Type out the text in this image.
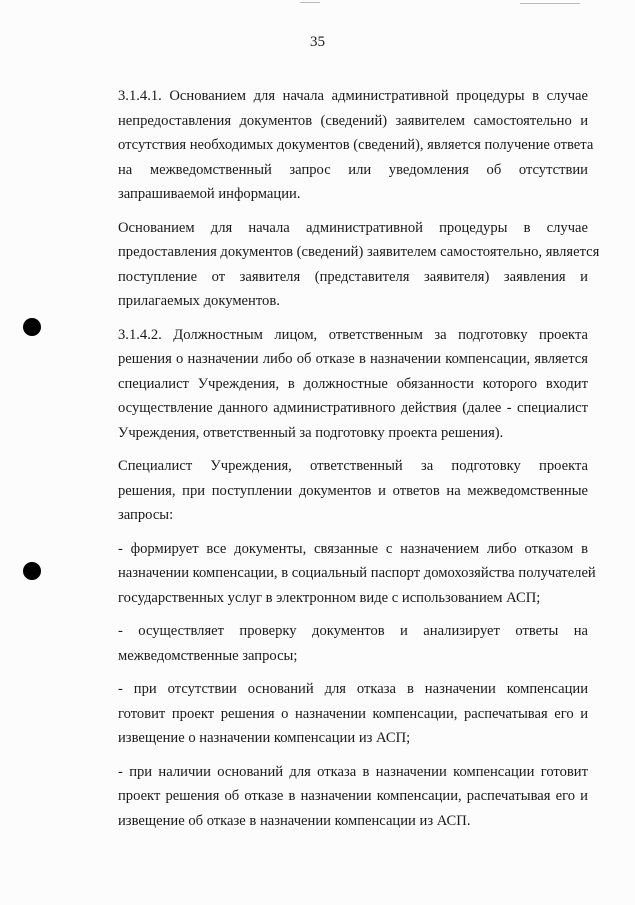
35
3.1.4.1. Основанием для начала административной процедуры в случае
непредоставления документов (сведений) заявителем самостоятельно и
отсутствия необходимых документов (сведений), является получение ответа
на межведомственный запрос или уведомления об отсутствии
запрашиваемой информации.
Основанием для начала административной процедуры в случае
предоставления документов (сведений) заявителем самостоятельно, является
поступление от заявителя (представителя заявителя) заявления и
прилагаемых документов.
3.1.4.2. Должностным лицом, ответственным за подготовку проекта
решения о назначении либо об отказе в назначении компенсации, является
специалист Учреждения, в должностные обязанности которого входит
осуществление данного административного действия (далее - специалист
Учреждения, ответственный за подготовку проекта решения).
Специалист Учреждения, ответственный за подготовку проекта
решения, при поступлении документов и ответов на межведомственные
запросы:
- формирует все документы, связанные с назначением либо отказом в
назначении компенсации, в социальный паспорт домохозяйства получателей
государственных услуг в электронном виде с использованием АСП;
- осуществляет проверку документов и анализирует ответы на
межведомственные запросы;
- при отсутствии оснований для отказа в назначении компенсации
готовит проект решения о назначении компенсации, распечатывая его и
извещение о назначении компенсации из АСП;
- при наличии оснований для отказа в назначении компенсации готовит
проект решения об отказе в назначении компенсации, распечатывая его и
извещение об отказе в назначении компенсации из АСП.
